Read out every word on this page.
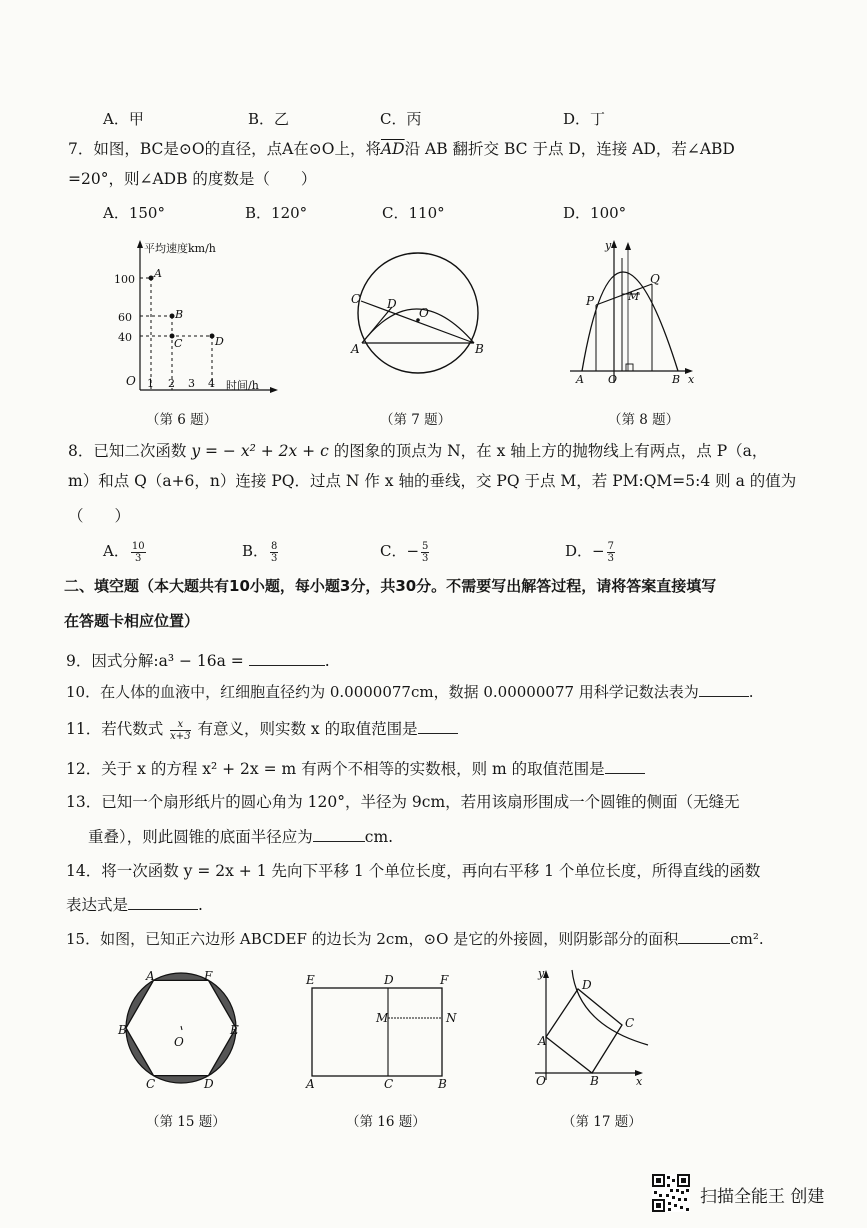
A．甲	B．乙	C．丙	D．丁
7．如图，BC是⊙O的直径，点A在⊙O上，将$\overline{AD}$沿 AB 翻折交 BC 于点 D，连接 AD，若∠ABD
=20°，则∠ADB 的度数是（　　）
A．150°	B．120°	C．110°	D．100°
平均速度km/h
时间/h
O
100
60
40
1 2 3 4
A
B
C	D
（第 6 题）
C D
O
A	B
（第 7 题）
y
Q
P	M
A O	B x
（第 8 题）
8．已知二次函数 y = − x² + 2x + c 的图象的顶点为 N，在 x 轴上方的抛物线上有两点，点 P（a，
m）和点 Q（a+6，n）连接 PQ．过点 N 作 x 轴的垂线，交 PQ 于点 M，若 PM:QM=5:4 则 a 的值为
（　　）
A． $\frac{10}{3}$	B． $\frac{8}{3}$	C．− $\frac{5}{3}$	D．− $\frac{7}{3}$
二、填空题（本大题共有10小题，每小题3分，共30分。不需要写出解答过程，请将答案直接填写
在答题卡相应位置）
9．因式分解:a³ − 16a =	.
10．在人体的血液中，红细胞直径约为 0.0000077cm，数据 0.00000077 用科学记数法表为	.
11．若代数式 $\frac{x}{x+3}$ 有意义，则实数 x 的取值范围是
12．关于 x 的方程 x² + 2x = m 有两个不相等的实数根，则 m 的取值范围是
13．已知一个扇形纸片的圆心角为 120°，半径为 9cm，若用该扇形围成一个圆锥的侧面（无缝无
重叠），则此圆锥的底面半径应为	cm.
14．将一次函数 y = 2x + 1 先向下平移 1 个单位长度，再向右平移 1 个单位长度，所得直线的函数
表达式是	.
15．如图，已知正六边形 ABCDEF 的边长为 2cm，⊙O 是它的外接圆，则阴影部分的面积	cm².
A	F
B	E
O
C	D
（第 15 题）
E	D	F
M	N
A	C	B
（第 16 题）
y
D
C
A
O	B	x
（第 17 题）
扫描全能王 创建
